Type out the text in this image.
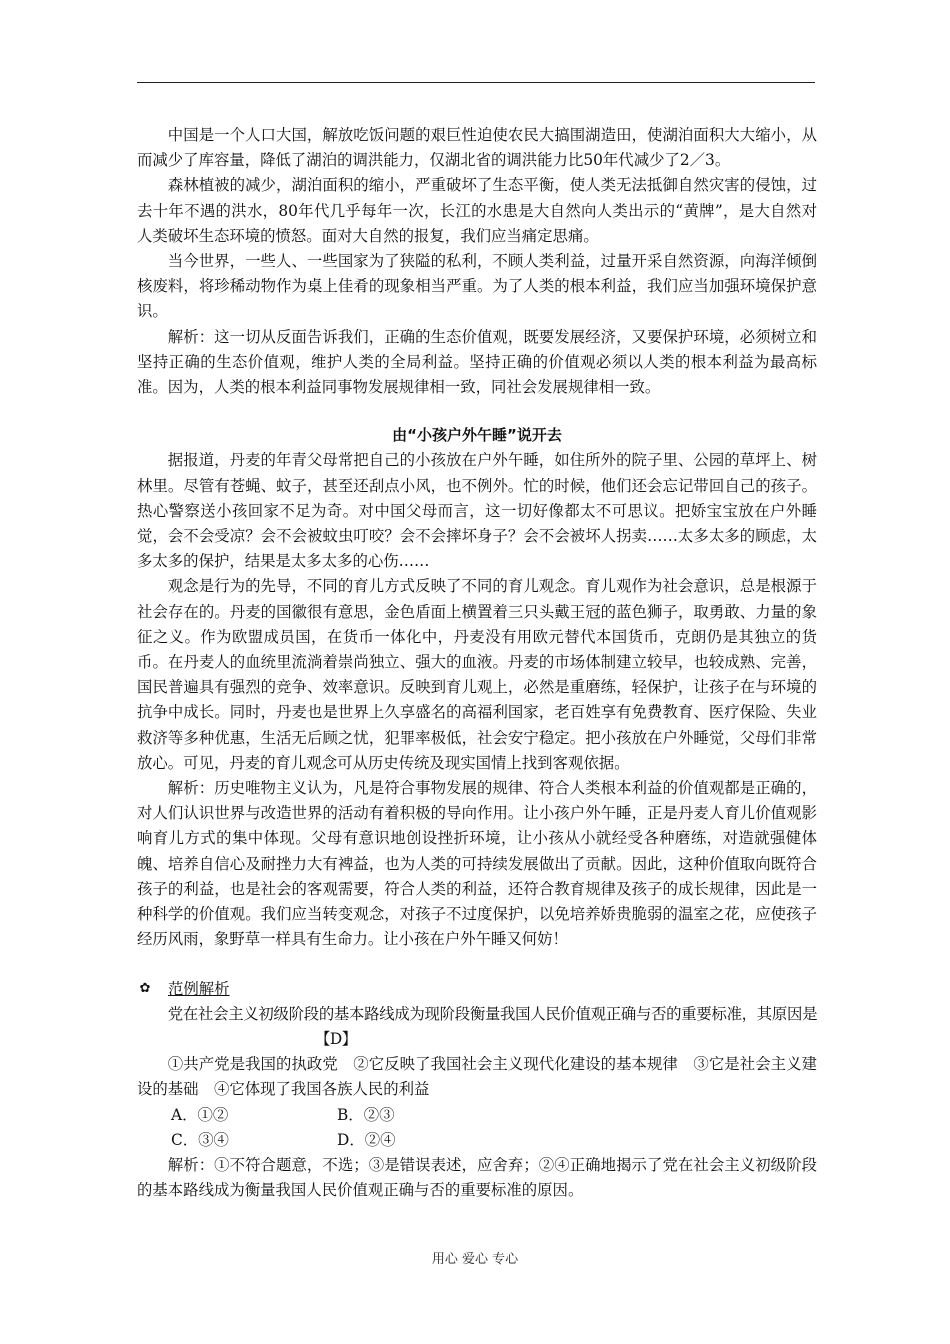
中国是一个人口大国，解放吃饭问题的艰巨性迫使农民大搞围湖造田，使湖泊面积大大缩小，从而减少了库容量，降低了湖泊的调洪能力，仅湖北省的调洪能力比50年代减少了2／3。

森林植被的减少，湖泊面积的缩小，严重破坏了生态平衡，使人类无法抵御自然灾害的侵蚀，过去十年不遇的洪水，80年代几乎每年一次，长江的水患是大自然向人类出示的“黄牌”，是大自然对人类破坏生态环境的愤怒。面对大自然的报复，我们应当痛定思痛。

当今世界，一些人、一些国家为了狭隘的私利，不顾人类利益，过量开采自然资源，向海洋倾倒核废料，将珍稀动物作为桌上佳肴的现象相当严重。为了人类的根本利益，我们应当加强环境保护意识。

解析：这一切从反面告诉我们，正确的生态价值观，既要发展经济，又要保护环境，必须树立和坚持正确的生态价值观，维护人类的全局利益。坚持正确的价值观必须以人类的根本利益为最高标准。因为，人类的根本利益同事物发展规律相一致，同社会发展规律相一致。

由“小孩户外午睡”说开去

据报道，丹麦的年青父母常把自己的小孩放在户外午睡，如住所外的院子里、公园的草坪上、树林里。尽管有苍蝇、蚊子，甚至还刮点小风，也不例外。忙的时候，他们还会忘记带回自己的孩子。热心警察送小孩回家不足为奇。对中国父母而言，这一切好像都太不可思议。把娇宝宝放在户外睡觉，会不会受凉？会不会被蚊虫叮咬？会不会摔坏身子？会不会被坏人拐卖……太多太多的顾虑，太多太多的保护，结果是太多太多的心伤……

观念是行为的先导，不同的育儿方式反映了不同的育儿观念。育儿观作为社会意识，总是根源于社会存在的。丹麦的国徽很有意思，金色盾面上横置着三只头戴王冠的蓝色狮子，取勇敢、力量的象征之义。作为欧盟成员国，在货币一体化中，丹麦没有用欧元替代本国货币，克朗仍是其独立的货币。在丹麦人的血统里流淌着崇尚独立、强大的血液。丹麦的市场体制建立较早，也较成熟、完善，国民普遍具有强烈的竞争、效率意识。反映到育儿观上，必然是重磨练，轻保护，让孩子在与环境的抗争中成长。同时，丹麦也是世界上久享盛名的高福利国家，老百姓享有免费教育、医疗保险、失业救济等多种优惠，生活无后顾之忧，犯罪率极低，社会安宁稳定。把小孩放在户外睡觉，父母们非常放心。可见，丹麦的育儿观念可从历史传统及现实国情上找到客观依据。

解析：历史唯物主义认为，凡是符合事物发展的规律、符合人类根本利益的价值观都是正确的，对人们认识世界与改造世界的活动有着积极的导向作用。让小孩户外午睡，正是丹麦人育儿价值观影响育儿方式的集中体现。父母有意识地创设挫折环境，让小孩从小就经受各种磨练，对造就强健体魄、培养自信心及耐挫力大有裨益，也为人类的可持续发展做出了贡献。因此，这种价值取向既符合孩子的利益，也是社会的客观需要，符合人类的利益，还符合教育规律及孩子的成长规律，因此是一种科学的价值观。我们应当转变观念，对孩子不过度保护，以免培养娇贵脆弱的温室之花，应使孩子经历风雨，象野草一样具有生命力。让小孩在户外午睡又何妨！

✿ 范例解析

党在社会主义初级阶段的基本路线成为现阶段衡量我国人民价值观正确与否的重要标准，其原因是【D】

①共产党是我国的执政党　②它反映了我国社会主义现代化建设的基本规律　③它是社会主义建设的基础　④它体现了我国各族人民的利益

A．①②	B．②③
C．③④	D．②④

解析：①不符合题意，不选；③是错误表述，应舍弃；②④正确地揭示了党在社会主义初级阶段的基本路线成为衡量我国人民价值观正确与否的重要标准的原因。

用心 爱心 专心
